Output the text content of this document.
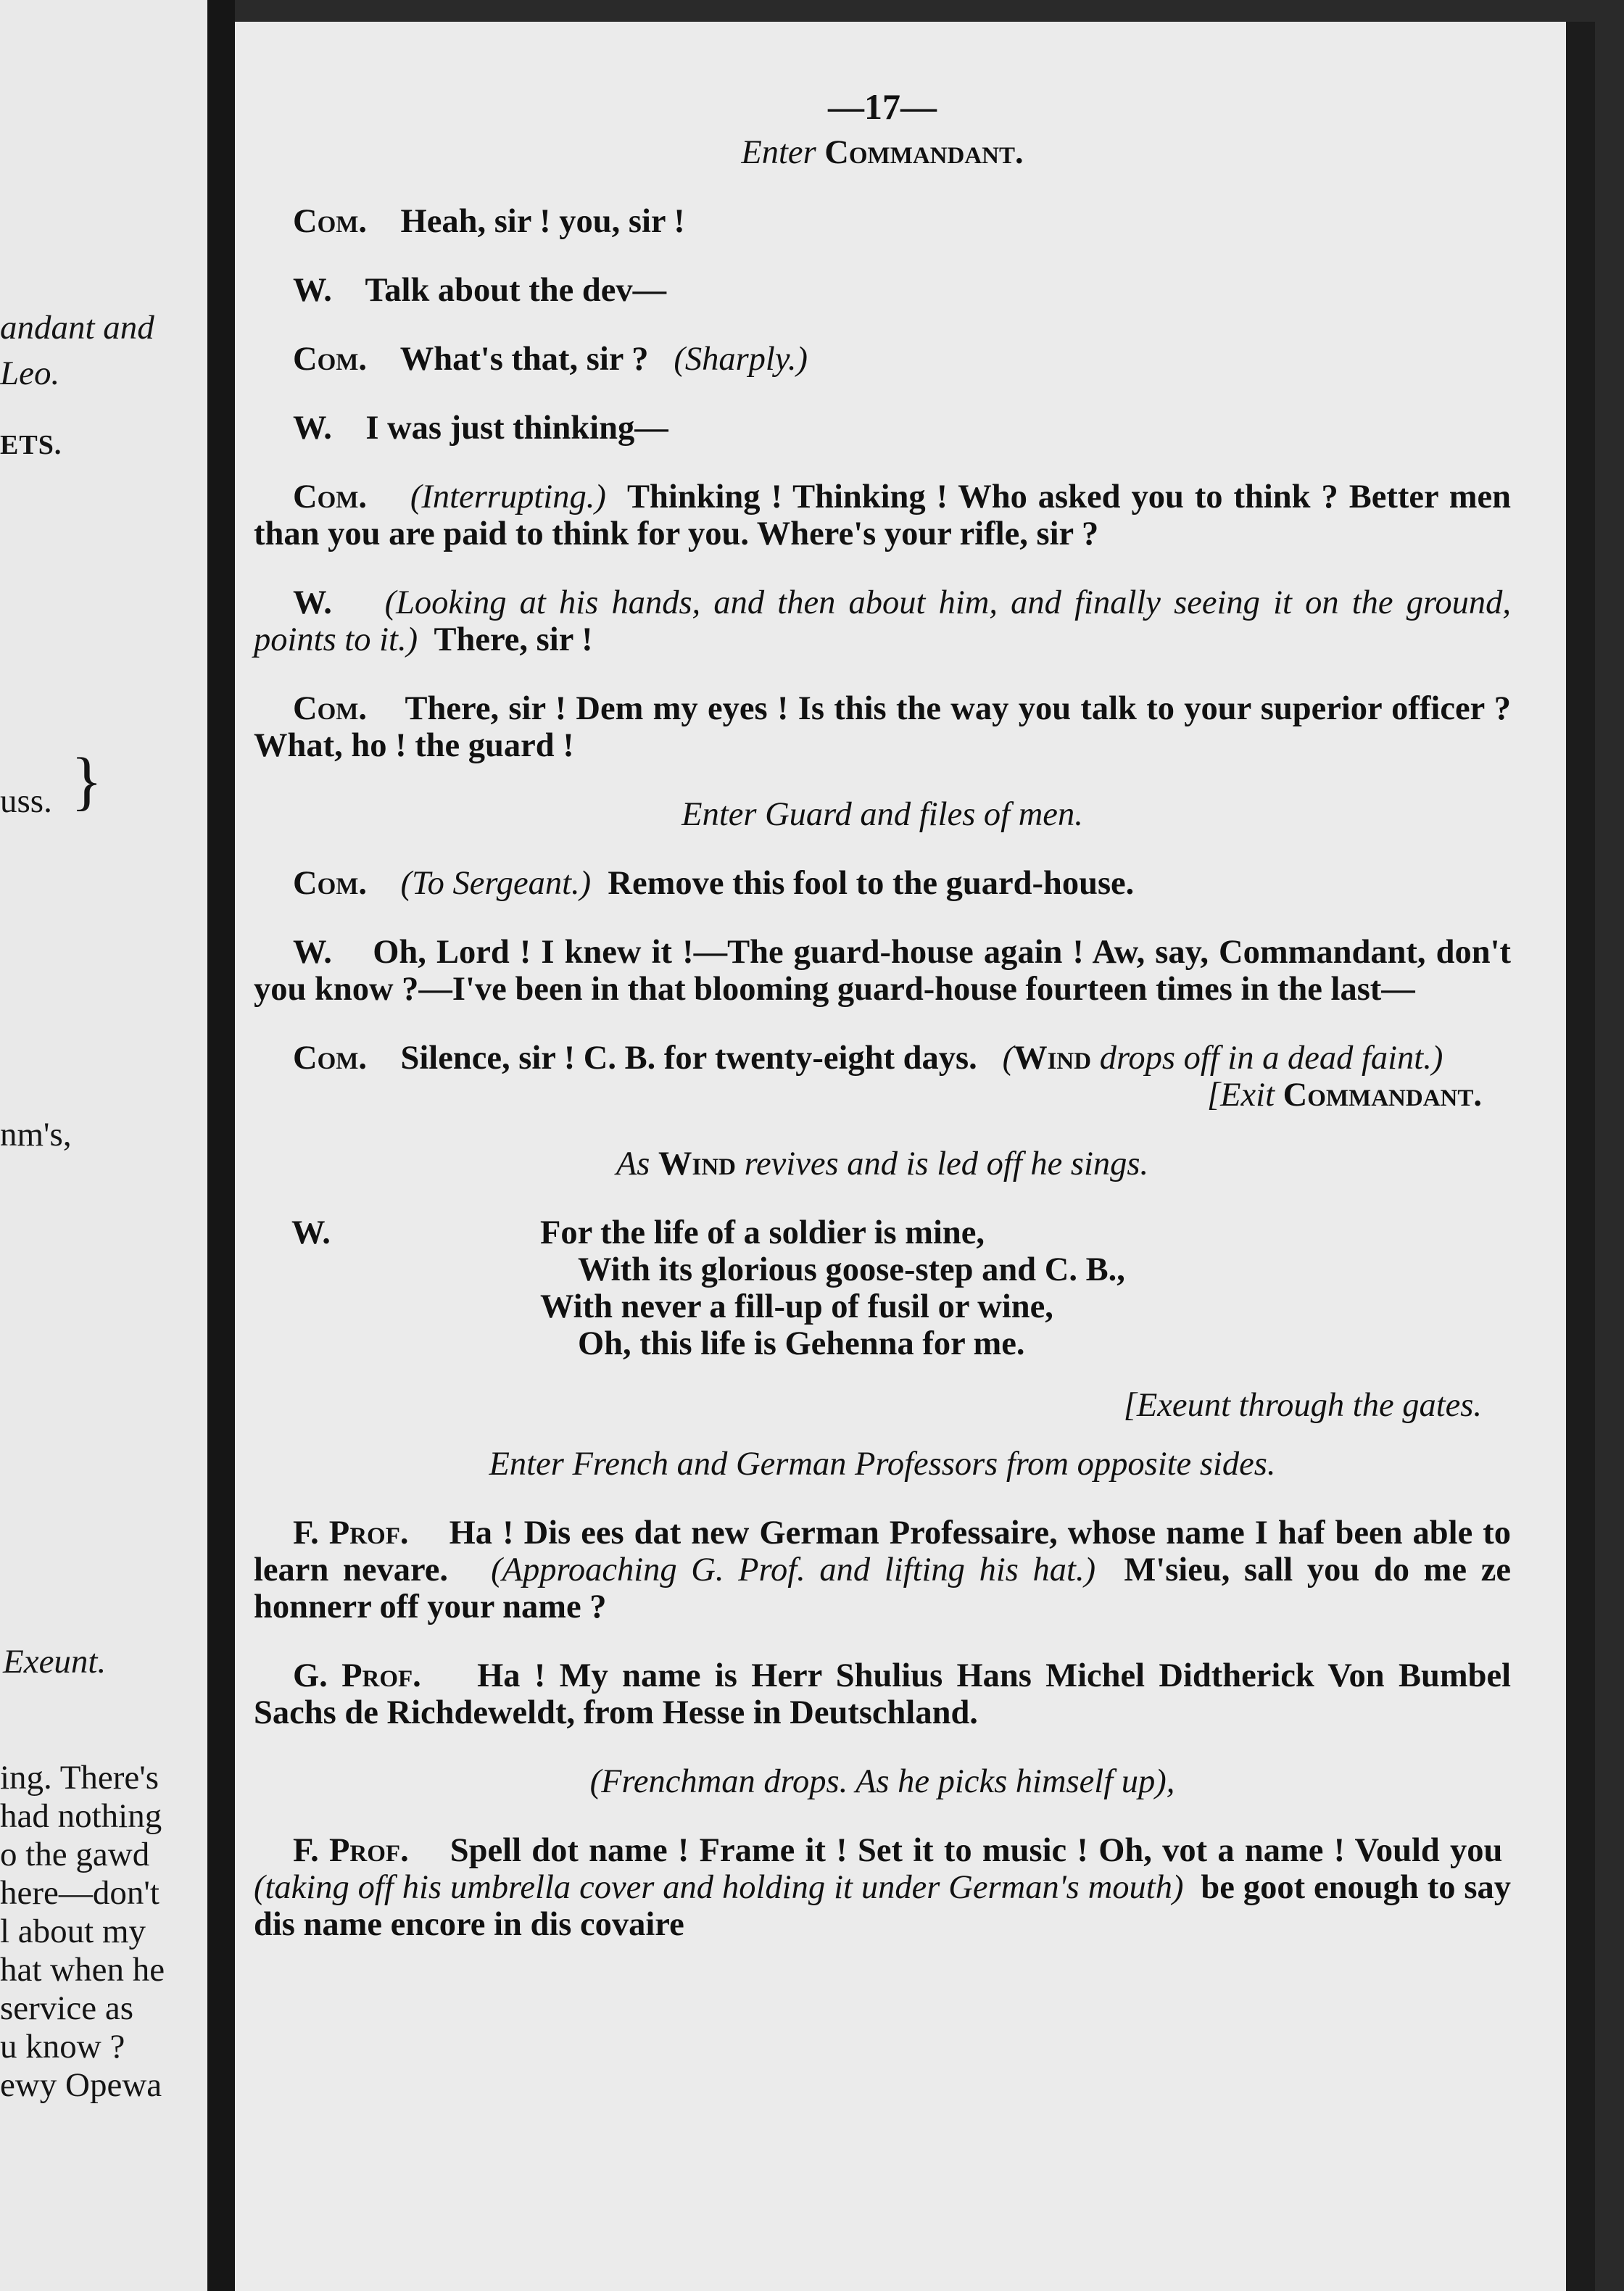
andant and
Leo.
ETS.
uss. }
nm's,
Exeunt.
ing. There's
had nothing
o the gawd
here—don't
l about my
hat when he
service as
u know ?
ewy Opewa
—17—
Enter Commandant.
Com. Heah, sir ! you, sir !
W. Talk about the dev—
Com. What's that, sir ? (Sharply.)
W. I was just thinking—
Com. (Interrupting.) Thinking ! Thinking ! Who asked you to think ? Better men than you are paid to think for you. Where's your rifle, sir ?
W. (Looking at his hands, and then about him, and finally seeing it on the ground, points to it.) There, sir !
Com. There, sir ! Dem my eyes ! Is this the way you talk to your superior officer ? What, ho ! the guard !
Enter Guard and files of men.
Com. (To Sergeant.) Remove this fool to the guard-house.
W. Oh, Lord ! I knew it !—The guard-house again ! Aw, say, Commandant, don't you know ?—I've been in that blooming guard-house fourteen times in the last—
Com. Silence, sir ! C. B. for twenty-eight days. (Wind drops off in a dead faint.)
[Exit Commandant.
As Wind revives and is led off he sings.
W.	For the life of a soldier is mine,
With its glorious goose-step and C. B.,
With never a fill-up of fusil or wine,
Oh, this life is Gehenna for me.
[Exeunt through the gates.
Enter French and German Professors from opposite sides.
F. Prof. Ha ! Dis ees dat new German Professaire, whose name I haf been able to learn nevare. (Approaching G. Prof. and lifting his hat.) M'sieu, sall you do me ze honnerr off your name ?
G. Prof. Ha ! My name is Herr Shulius Hans Michel Didtherick Von Bumbel Sachs de Richdeweldt, from Hesse in Deutschland.
(Frenchman drops. As he picks himself up),
F. Prof. Spell dot name ! Frame it ! Set it to music ! Oh, vot a name ! Vould you  (taking off his umbrella cover and holding it under German's mouth) be goot enough to say dis name encore in dis covaire
